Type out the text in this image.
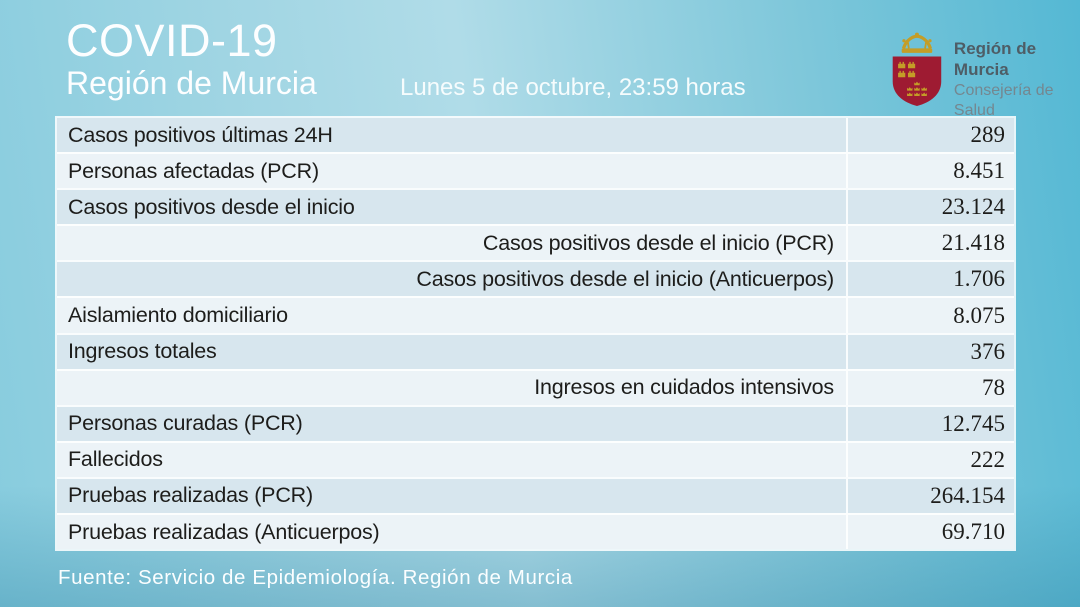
COVID-19
Región de Murcia	Lunes 5 de octubre, 23:59 horas
Región de Murcia
Consejería de Salud
Casos positivos últimas 24H	289
Personas afectadas (PCR)	8.451
Casos positivos desde el inicio	23.124
Casos positivos desde el inicio (PCR)	21.418
Casos positivos desde el inicio (Anticuerpos)	1.706
Aislamiento domiciliario	8.075
Ingresos totales	376
Ingresos en cuidados intensivos	78
Personas curadas (PCR)	12.745
Fallecidos	222
Pruebas realizadas (PCR)	264.154
Pruebas realizadas (Anticuerpos)	69.710
Fuente: Servicio de Epidemiología. Región de Murcia
